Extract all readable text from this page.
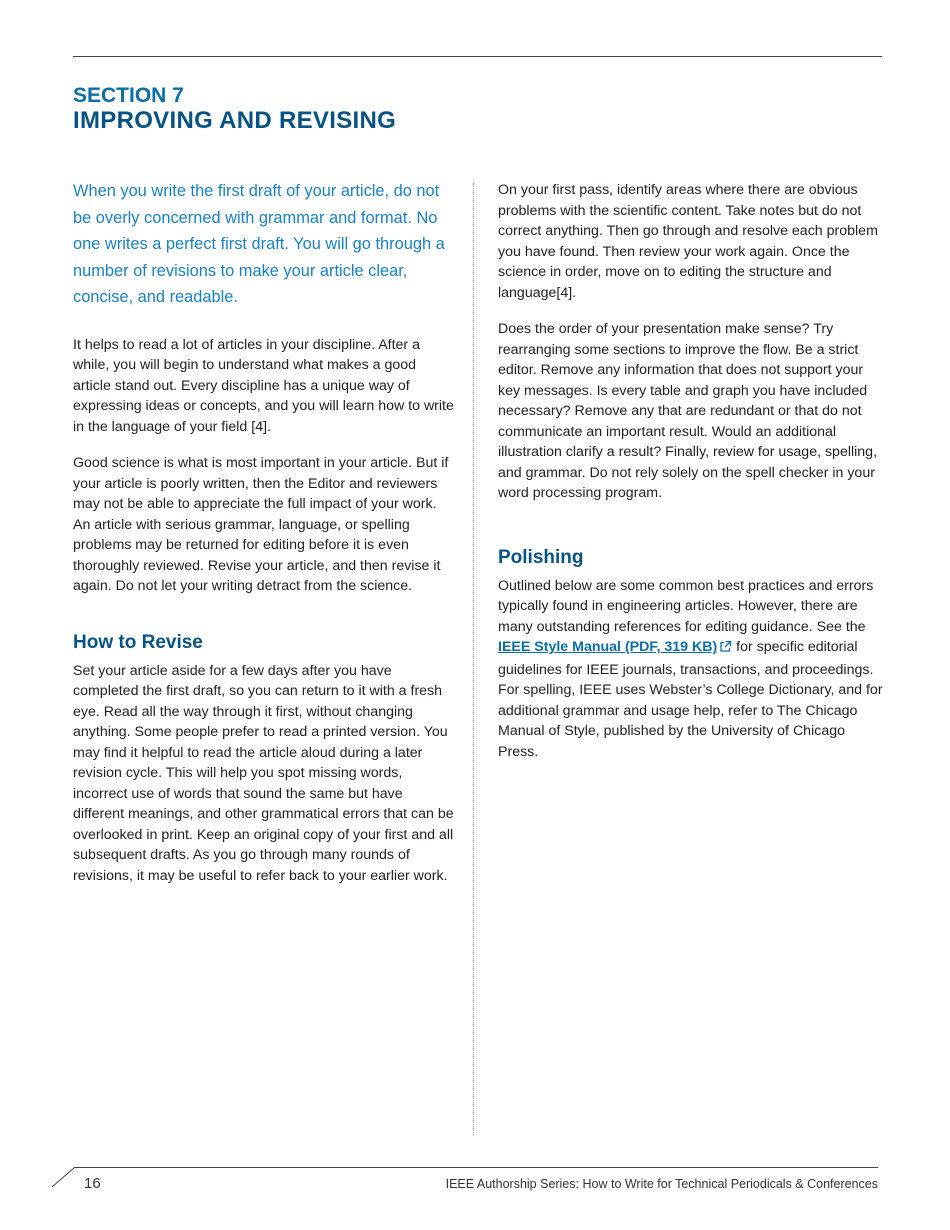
SECTION 7
IMPROVING AND REVISING

When you write the first draft of your article, do not be overly concerned with grammar and format. No one writes a perfect first draft. You will go through a number of revisions to make your article clear, concise, and readable.

It helps to read a lot of articles in your discipline. After a while, you will begin to understand what makes a good article stand out. Every discipline has a unique way of expressing ideas or concepts, and you will learn how to write in the language of your field [4].

Good science is what is most important in your article. But if your article is poorly written, then the Editor and reviewers may not be able to appreciate the full impact of your work. An article with serious grammar, language, or spelling problems may be returned for editing before it is even thoroughly reviewed. Revise your article, and then revise it again. Do not let your writing detract from the science.

How to Revise

Set your article aside for a few days after you have completed the first draft, so you can return to it with a fresh eye. Read all the way through it first, without changing anything. Some people prefer to read a printed version. You may find it helpful to read the article aloud during a later revision cycle. This will help you spot missing words, incorrect use of words that sound the same but have different meanings, and other grammatical errors that can be overlooked in print. Keep an original copy of your first and all subsequent drafts. As you go through many rounds of revisions, it may be useful to refer back to your earlier work.

On your first pass, identify areas where there are obvious problems with the scientific content. Take notes but do not correct anything. Then go through and resolve each problem you have found. Then review your work again. Once the science in order, move on to editing the structure and language[4].

Does the order of your presentation make sense? Try rearranging some sections to improve the flow. Be a strict editor. Remove any information that does not support your key messages. Is every table and graph you have included necessary? Remove any that are redundant or that do not communicate an important result. Would an additional illustration clarify a result? Finally, review for usage, spelling, and grammar. Do not rely solely on the spell checker in your word processing program.

Polishing

Outlined below are some common best practices and errors typically found in engineering articles. However, there are many outstanding references for editing guidance. See the IEEE Style Manual (PDF, 319 KB) for specific editorial guidelines for IEEE journals, transactions, and proceedings. For spelling, IEEE uses Webster’s College Dictionary, and for additional grammar and usage help, refer to The Chicago Manual of Style, published by the University of Chicago Press.

16	IEEE Authorship Series: How to Write for Technical Periodicals & Conferences
